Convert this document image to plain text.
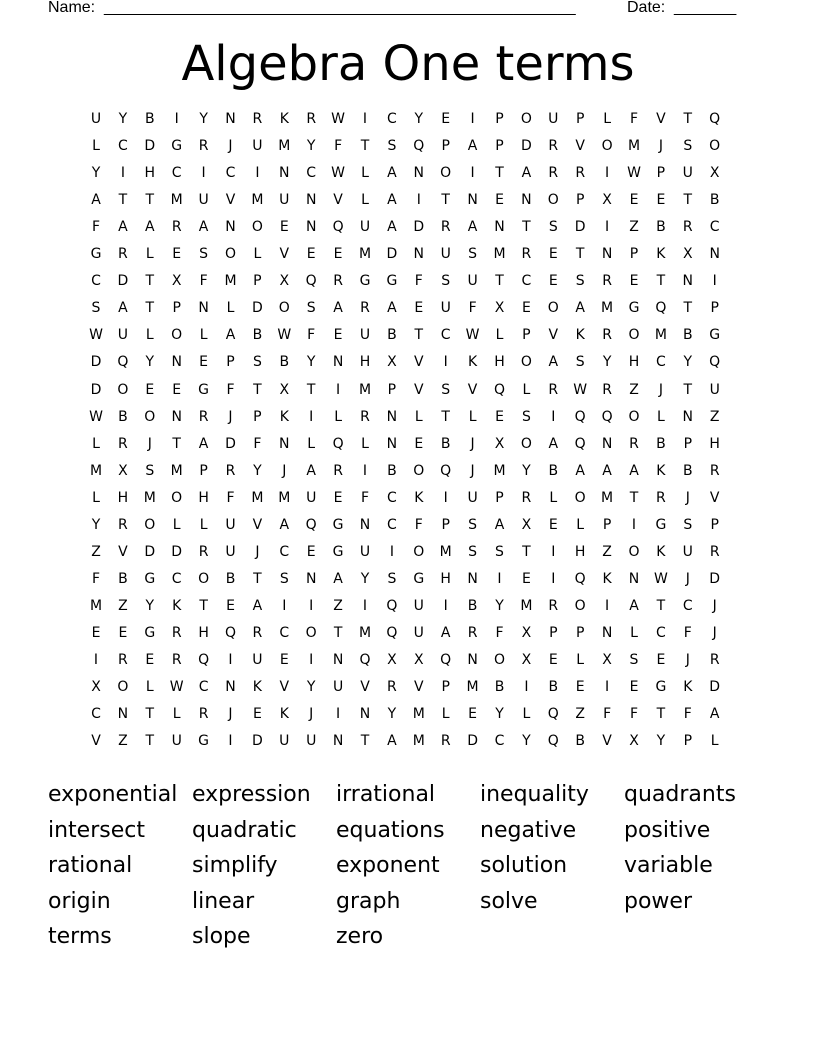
Name: _____________________________________________________	Date: _______
Algebra One terms
U	Y	B	I	Y	N	R	K	R	W	I	C	Y	E	I	P	O	U	P	L	F	V	T	Q
L	C	D	G	R	J	U	M	Y	F	T	S	Q	P	A	P	D	R	V	O	M	J	S	O
Y	I	H	C	I	C	I	N	C	W	L	A	N	O	I	T	A	R	R	I	W	P	U	X
A	T	T	M	U	V	M	U	N	V	L	A	I	T	N	E	N	O	P	X	E	E	T	B
F	A	A	R	A	N	O	E	N	Q	U	A	D	R	A	N	T	S	D	I	Z	B	R	C
G	R	L	E	S	O	L	V	E	E	M	D	N	U	S	M	R	E	T	N	P	K	X	N
C	D	T	X	F	M	P	X	Q	R	G	G	F	S	U	T	C	E	S	R	E	T	N	I
S	A	T	P	N	L	D	O	S	A	R	A	E	U	F	X	E	O	A	M	G	Q	T	P
W	U	L	O	L	A	B	W	F	E	U	B	T	C	W	L	P	V	K	R	O	M	B	G
D	Q	Y	N	E	P	S	B	Y	N	H	X	V	I	K	H	O	A	S	Y	H	C	Y	Q
D	O	E	E	G	F	T	X	T	I	M	P	V	S	V	Q	L	R	W	R	Z	J	T	U
W	B	O	N	R	J	P	K	I	L	R	N	L	T	L	E	S	I	Q	Q	O	L	N	Z
L	R	J	T	A	D	F	N	L	Q	L	N	E	B	J	X	O	A	Q	N	R	B	P	H
M	X	S	M	P	R	Y	J	A	R	I	B	O	Q	J	M	Y	B	A	A	A	K	B	R
L	H	M	O	H	F	M	M	U	E	F	C	K	I	U	P	R	L	O	M	T	R	J	V
Y	R	O	L	L	U	V	A	Q	G	N	C	F	P	S	A	X	E	L	P	I	G	S	P
Z	V	D	D	R	U	J	C	E	G	U	I	O	M	S	S	T	I	H	Z	O	K	U	R
F	B	G	C	O	B	T	S	N	A	Y	S	G	H	N	I	E	I	Q	K	N	W	J	D
M	Z	Y	K	T	E	A	I	I	Z	I	Q	U	I	B	Y	M	R	O	I	A	T	C	J
E	E	G	R	H	Q	R	C	O	T	M	Q	U	A	R	F	X	P	P	N	L	C	F	J
I	R	E	R	Q	I	U	E	I	N	Q	X	X	Q	N	O	X	E	L	X	S	E	J	R
X	O	L	W	C	N	K	V	Y	U	V	R	V	P	M	B	I	B	E	I	E	G	K	D
C	N	T	L	R	J	E	K	J	I	N	Y	M	L	E	Y	L	Q	Z	F	F	T	F	A
V	Z	T	U	G	I	D	U	U	N	T	A	M	R	D	C	Y	Q	B	V	X	Y	P	L
exponential expression irrational inequality quadrants
intersect quadratic equations negative positive
rational	simplify	exponent solution	variable
origin	linear	graph	solve	power
terms	slope	zero
